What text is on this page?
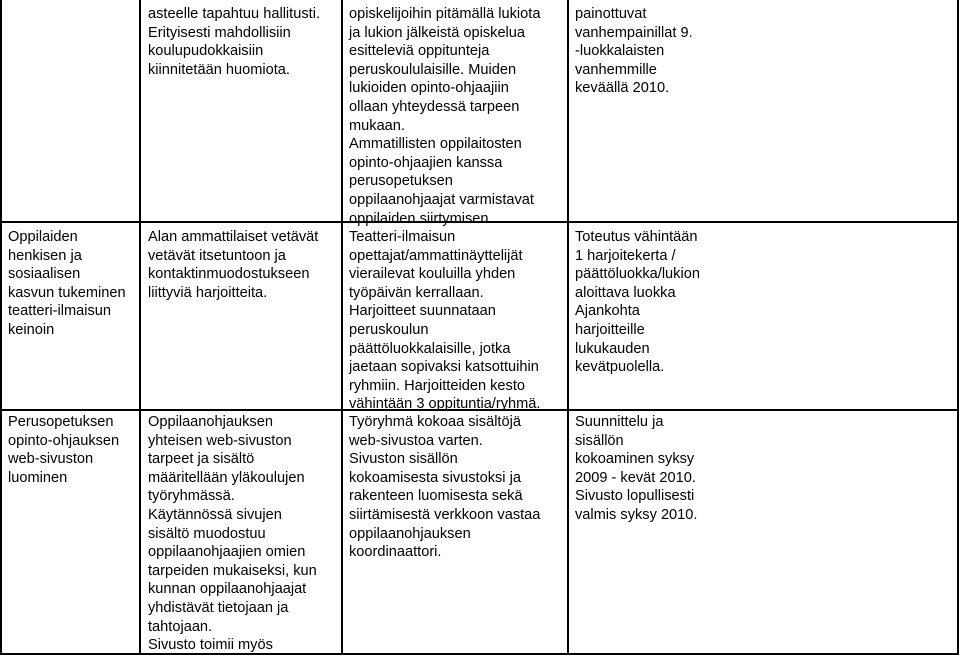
asteelle tapahtuu hallitusti.
Erityisesti mahdollisiin
koulupudokkaisiin
kiinnitetään huomiota.

opiskelijoihin pitämällä lukiota
ja lukion jälkeistä opiskelua
esitteleviä oppitunteja
peruskoululaisille. Muiden
lukioiden opinto-ohjaajiin
ollaan yhteydessä tarpeen
mukaan.
Ammatillisten oppilaitosten
opinto-ohjaajien kanssa
perusopetuksen
oppilaanohjaajat varmistavat
oppilaiden siirtymisen.

painottuvat
vanhempainillat 9.
-luokkalaisten
vanhemmille
keväällä 2010.

Oppilaiden
henkisen ja
sosiaalisen
kasvun tukeminen
teatteri-ilmaisun
keinoin

Alan ammattilaiset vetävät
vetävät itsetuntoon ja
kontaktinmuodostukseen
liittyviä harjoitteita.

Teatteri-ilmaisun
opettajat/ammattinäyttelijät
vierailevat kouluilla yhden
työpäivän kerrallaan.
Harjoitteet suunnataan
peruskoulun
päättöluokkalaisille, jotka
jaetaan sopivaksi katsottuihin
ryhmiin. Harjoitteiden kesto
vähintään 3 oppituntia/ryhmä.

Toteutus vähintään
1 harjoitekerta /
päättöluokka/lukion
aloittava luokka
Ajankohta
harjoitteille
lukukauden
kevätpuolella.

Perusopetuksen
opinto-ohjauksen
web-sivuston
luominen

Oppilaanohjauksen
yhteisen web-sivuston
tarpeet ja sisältö
määritellään yläkoulujen
työryhmässä.
Käytännössä sivujen
sisältö muodostuu
oppilaanohjaajien omien
tarpeiden mukaiseksi, kun
kunnan oppilaanohjaajat
yhdistävät tietojaan ja
tahtojaan.
Sivusto toimii myös

Työryhmä kokoaa sisältöjä
web-sivustoa varten.
Sivuston sisällön
kokoamisesta sivustoksi ja
rakenteen luomisesta sekä
siirtämisestä verkkoon vastaa
oppilaanohjauksen
koordinaattori.

Suunnittelu ja
sisällön
kokoaminen syksy
2009 - kevät 2010.
Sivusto lopullisesti
valmis syksy 2010.
